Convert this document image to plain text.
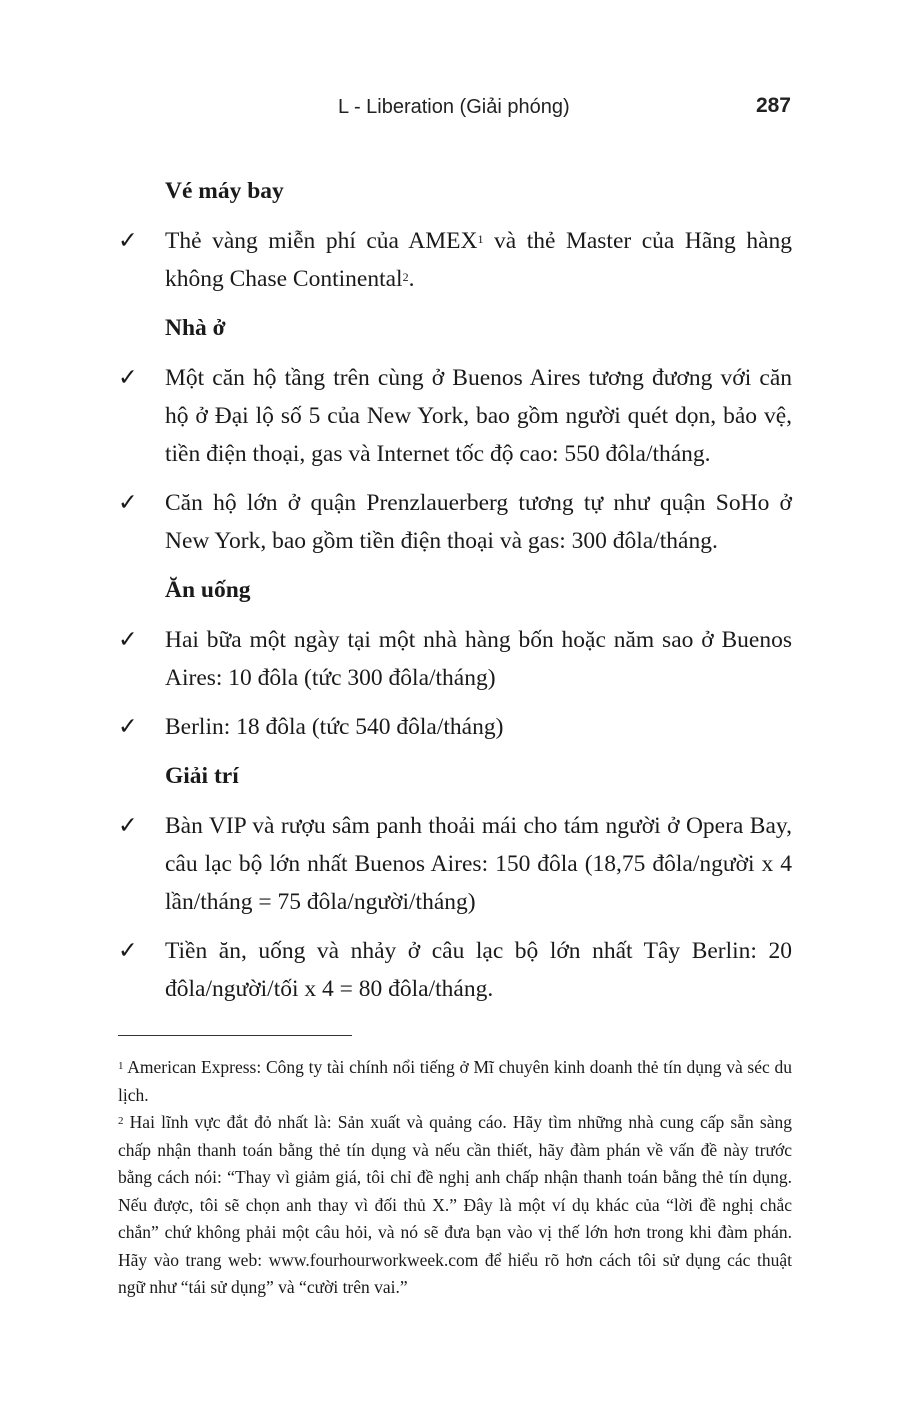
L - Liberation (Giải phóng)	287
Vé máy bay
✓	Thẻ vàng miễn phí của AMEX$^1$ và thẻ Master của Hãng hàng không Chase Continental$^2$.
Nhà ở
✓	Một căn hộ tầng trên cùng ở Buenos Aires tương đương với căn hộ ở Đại lộ số 5 của New York, bao gồm người quét dọn, bảo vệ, tiền điện thoại, gas và Internet tốc độ cao: 550 đôla/tháng.
✓	Căn hộ lớn ở quận Prenzlauerberg tương tự như quận SoHo ở New York, bao gồm tiền điện thoại và gas: 300 đôla/tháng.
Ăn uống
✓	Hai bữa một ngày tại một nhà hàng bốn hoặc năm sao ở Buenos Aires: 10 đôla (tức 300 đôla/tháng)
✓	Berlin: 18 đôla (tức 540 đôla/tháng)
Giải trí
✓	Bàn VIP và rượu sâm panh thoải mái cho tám người ở Opera Bay, câu lạc bộ lớn nhất Buenos Aires: 150 đôla (18,75 đôla/người x 4 lần/tháng = 75 đôla/người/tháng)
✓	Tiền ăn, uống và nhảy ở câu lạc bộ lớn nhất Tây Berlin: 20 đôla/người/tối x 4 = 80 đôla/tháng.
$^1$ American Express: Công ty tài chính nổi tiếng ở Mĩ chuyên kinh doanh thẻ tín dụng và séc du lịch.
$^2$ Hai lĩnh vực đắt đỏ nhất là: Sản xuất và quảng cáo. Hãy tìm những nhà cung cấp sẵn sàng chấp nhận thanh toán bằng thẻ tín dụng và nếu cần thiết, hãy đàm phán về vấn đề này trước bằng cách nói: “Thay vì giảm giá, tôi chỉ đề nghị anh chấp nhận thanh toán bằng thẻ tín dụng. Nếu được, tôi sẽ chọn anh thay vì đối thủ X.” Đây là một ví dụ khác của “lời đề nghị chắc chắn” chứ không phải một câu hỏi, và nó sẽ đưa bạn vào vị thế lớn hơn trong khi đàm phán. Hãy vào trang web: www.fourhourworkweek.com để hiểu rõ hơn cách tôi sử dụng các thuật ngữ như “tái sử dụng” và “cười trên vai.”
